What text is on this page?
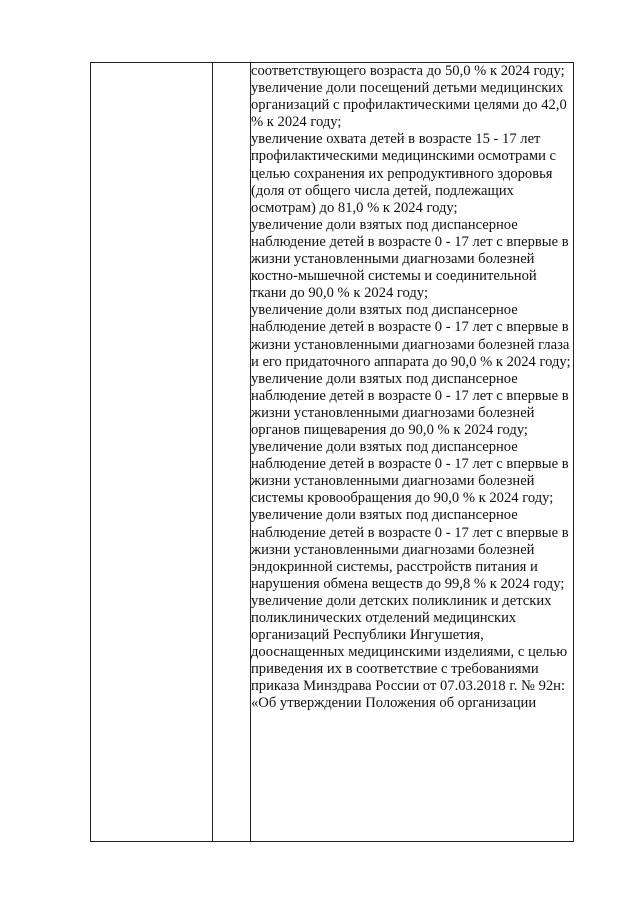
соответствующего возраста до 50,0 % к 2024 году;

увеличение доли посещений детьми медицинских организаций с профилактическими целями до 42,0 % к 2024 году;

увеличение охвата детей в возрасте 15 - 17 лет профилактическими медицинскими осмотрами с целью сохранения их репродуктивного здоровья (доля от общего числа детей, подлежащих осмотрам) до 81,0 % к 2024 году;

увеличение доли взятых под диспансерное наблюдение детей в возрасте 0 - 17 лет с впервые в жизни установленными диагнозами болезней костно-мышечной системы и соединительной ткани до 90,0 % к 2024 году;

увеличение доли взятых под диспансерное наблюдение детей в возрасте 0 - 17 лет с впервые в жизни установленными диагнозами болезней глаза и его придаточного аппарата до 90,0 % к 2024 году;

увеличение доли взятых под диспансерное наблюдение детей в возрасте 0 - 17 лет с впервые в жизни установленными диагнозами болезней органов пищеварения до 90,0 % к 2024 году;

увеличение доли взятых под диспансерное наблюдение детей в возрасте 0 - 17 лет с впервые в жизни установленными диагнозами болезней системы кровообращения до 90,0 % к 2024 году;

увеличение доли взятых под диспансерное наблюдение детей в возрасте 0 - 17 лет с впервые в жизни установленными диагнозами болезней эндокринной системы, расстройств питания и нарушения обмена веществ до 99,8 % к 2024 году;

увеличение доли детских поликлиник и детских поликлинических отделений медицинских организаций Республики Ингушетия, дооснащенных медицинскими изделиями, с целью приведения их в соответствие с требованиями приказа Минздрава России от 07.03.2018 г. № 92н: «Об утверждении Положения об организации
